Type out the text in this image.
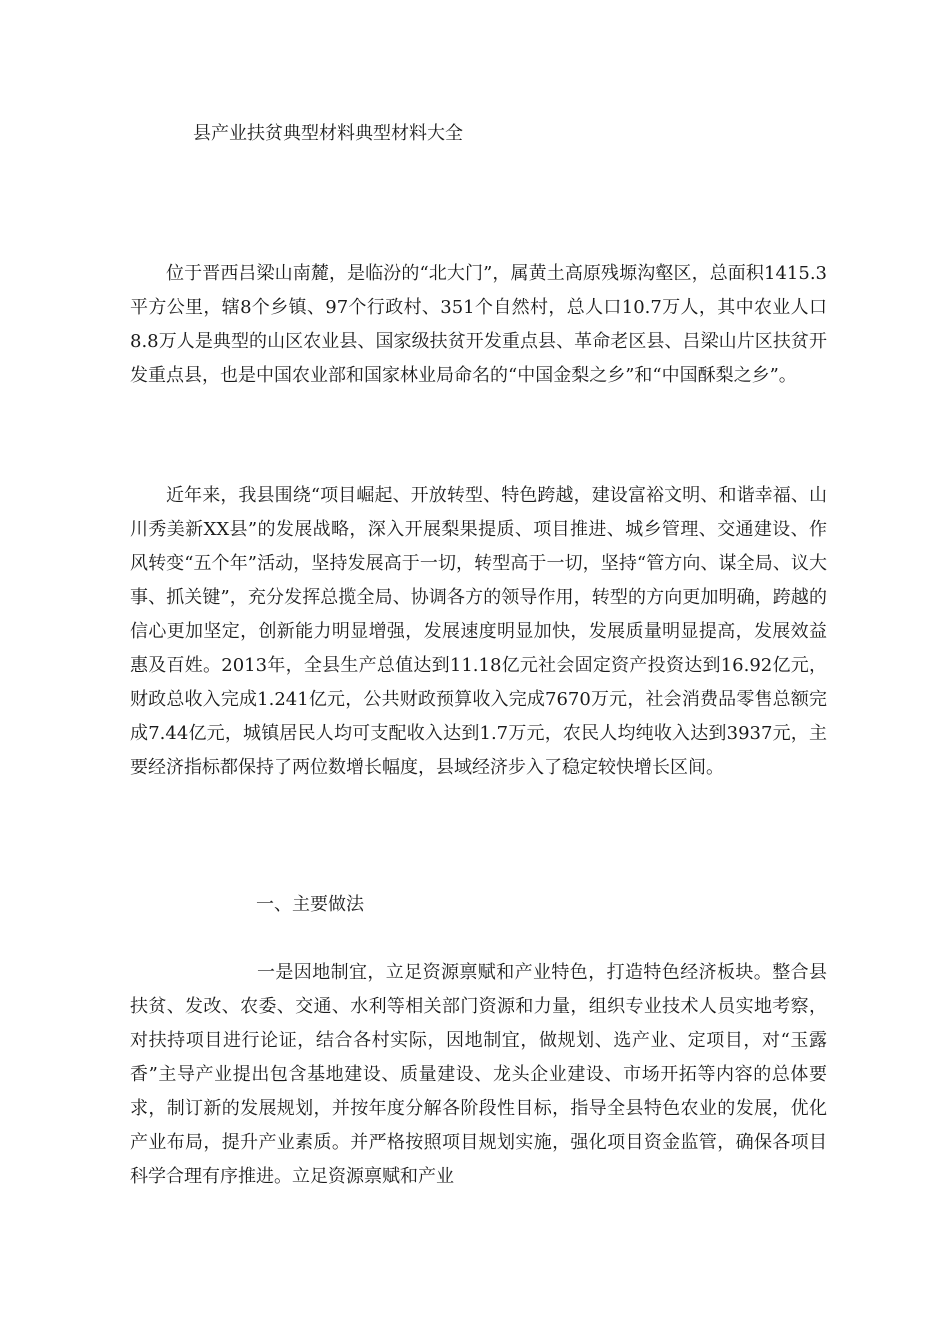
县产业扶贫典型材料典型材料大全

位于晋西吕梁山南麓，是临汾的“北大门”，属黄土高原残塬沟壑区，总面积1415.3平方公里，辖8个乡镇、97个行政村、351个自然村，总人口10.7万人，其中农业人口8.8万人是典型的山区农业县、国家级扶贫开发重点县、革命老区县、吕梁山片区扶贫开发重点县，也是中国农业部和国家林业局命名的“中国金梨之乡”和“中国酥梨之乡”。

近年来，我县围绕“项目崛起、开放转型、特色跨越，建设富裕文明、和谐幸福、山川秀美新XX县”的发展战略，深入开展梨果提质、项目推进、城乡管理、交通建设、作风转变“五个年”活动，坚持发展高于一切，转型高于一切，坚持“管方向、谋全局、议大事、抓关键”，充分发挥总揽全局、协调各方的领导作用，转型的方向更加明确，跨越的信心更加坚定，创新能力明显增强，发展速度明显加快，发展质量明显提高，发展效益惠及百姓。2013年，全县生产总值达到11.18亿元社会固定资产投资达到16.92亿元，财政总收入完成1.241亿元，公共财政预算收入完成7670万元，社会消费品零售总额完成7.44亿元，城镇居民人均可支配收入达到1.7万元，农民人均纯收入达到3937元，主要经济指标都保持了两位数增长幅度，县域经济步入了稳定较快增长区间。

一、主要做法

一是因地制宜，立足资源禀赋和产业特色，打造特色经济板块。整合县扶贫、发改、农委、交通、水利等相关部门资源和力量，组织专业技术人员实地考察，对扶持项目进行论证，结合各村实际，因地制宜，做规划、选产业、定项目，对“玉露香”主导产业提出包含基地建设、质量建设、龙头企业建设、市场开拓等内容的总体要求，制订新的发展规划，并按年度分解各阶段性目标，指导全县特色农业的发展，优化产业布局，提升产业素质。并严格按照项目规划实施，强化项目资金监管，确保各项目科学合理有序推进。立足资源禀赋和产业
